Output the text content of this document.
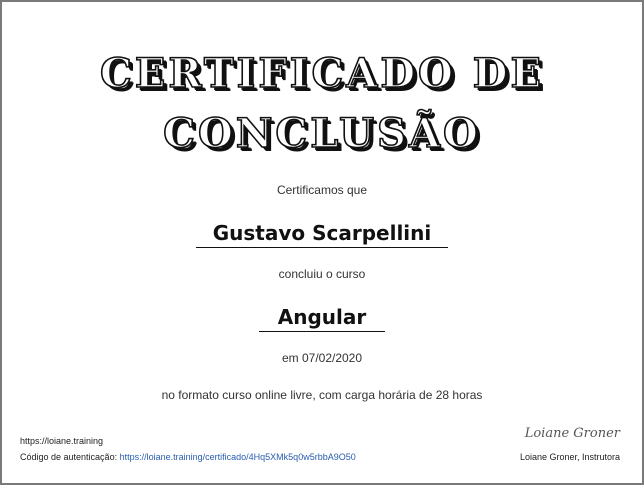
CERTIFICADO DE
CONCLUSÃO
Certificamos que
Gustavo Scarpellini
concluiu o curso
Angular
em 07/02/2020
no formato curso online livre, com carga horária de 28 horas
https://loiane.training
Código de autenticação: https://loiane.training/certificado/4Hq5XMk5q0w5rbbA9O50
Loiane Groner
Loiane Groner, Instrutora
